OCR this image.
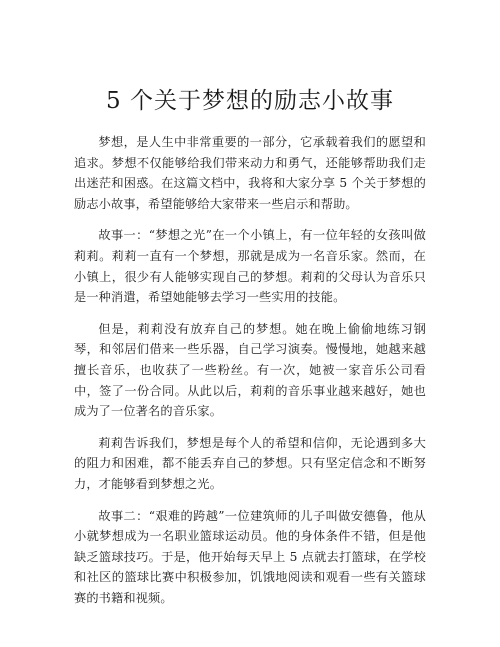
5 个关于梦想的励志小故事

梦想，是人生中非常重要的一部分，它承载着我们的愿望和追求。梦想不仅能够给我们带来动力和勇气，还能够帮助我们走出迷茫和困惑。在这篇文档中，我将和大家分享 5 个关于梦想的励志小故事，希望能够给大家带来一些启示和帮助。

故事一：“梦想之光”在一个小镇上，有一位年轻的女孩叫做莉莉。莉莉一直有一个梦想，那就是成为一名音乐家。然而，在小镇上，很少有人能够实现自己的梦想。莉莉的父母认为音乐只是一种消遣，希望她能够去学习一些实用的技能。

但是，莉莉没有放弃自己的梦想。她在晚上偷偷地练习钢琴，和邻居们借来一些乐器，自己学习演奏。慢慢地，她越来越擅长音乐，也收获了一些粉丝。有一次，她被一家音乐公司看中，签了一份合同。从此以后，莉莉的音乐事业越来越好，她也成为了一位著名的音乐家。

莉莉告诉我们，梦想是每个人的希望和信仰，无论遇到多大的阻力和困难，都不能丢弃自己的梦想。只有坚定信念和不断努力，才能够看到梦想之光。

故事二：“艰难的跨越”一位建筑师的儿子叫做安德鲁，他从小就梦想成为一名职业篮球运动员。他的身体条件不错，但是他缺乏篮球技巧。于是，他开始每天早上 5 点就去打篮球，在学校和社区的篮球比赛中积极参加，饥饿地阅读和观看一些有关篮球赛的书籍和视频。
